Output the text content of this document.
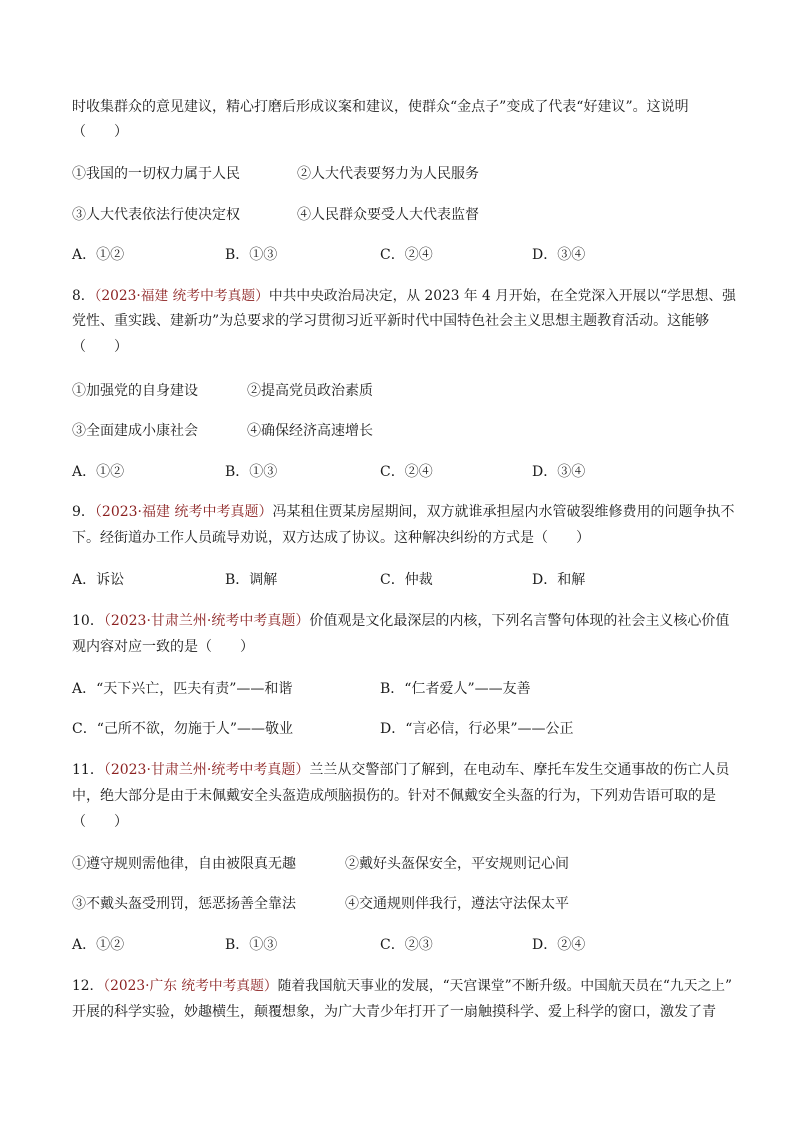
时收集群众的意见建议，精心打磨后形成议案和建议，使群众“金点子”变成了代表“好建议”。这说明
（　　）
①我国的一切权力属于人民	②人大代表要努力为人民服务
③人大代表依法行使决定权	④人民群众要受人大代表监督
A．①②	B．①③	C．②④	D．③④
8．（2023·福建 统考中考真题）中共中央政治局决定，从 2023 年 4 月开始，在全党深入开展以“学思想、强
党性、重实践、建新功”为总要求的学习贯彻习近平新时代中国特色社会主义思想主题教育活动。这能够
（　　）
①加强党的自身建设	②提高党员政治素质
③全面建成小康社会	④确保经济高速增长
A．①②	B．①③	C．②④	D．③④
9．（2023·福建 统考中考真题）冯某租住贾某房屋期间，双方就谁承担屋内水管破裂维修费用的问题争执不
下。经街道办工作人员疏导劝说，双方达成了协议。这种解决纠纷的方式是（　　）
A．诉讼	B．调解	C．仲裁	D．和解
10．（2023·甘肃兰州·统考中考真题）价值观是文化最深层的内核，下列名言警句体现的社会主义核心价值
观内容对应一致的是（　　）
A．“天下兴亡，匹夫有责”——和谐	B．“仁者爱人”——友善
C．“己所不欲，勿施于人”——敬业	D．“言必信，行必果”——公正
11．（2023·甘肃兰州·统考中考真题）兰兰从交警部门了解到，在电动车、摩托车发生交通事故的伤亡人员
中，绝大部分是由于未佩戴安全头盔造成颅脑损伤的。针对不佩戴安全头盔的行为，下列劝告语可取的是
（　　）
①遵守规则需他律，自由被限真无趣	②戴好头盔保安全，平安规则记心间
③不戴头盔受刑罚，惩恶扬善全靠法	④交通规则伴我行，遵法守法保太平
A．①②	B．①③	C．②③	D．②④
12．（2023·广东 统考中考真题）随着我国航天事业的发展，“天宫课堂”不断升级。中国航天员在“九天之上”
开展的科学实验，妙趣横生，颠覆想象，为广大青少年打开了一扇触摸科学、爱上科学的窗口，激发了青
